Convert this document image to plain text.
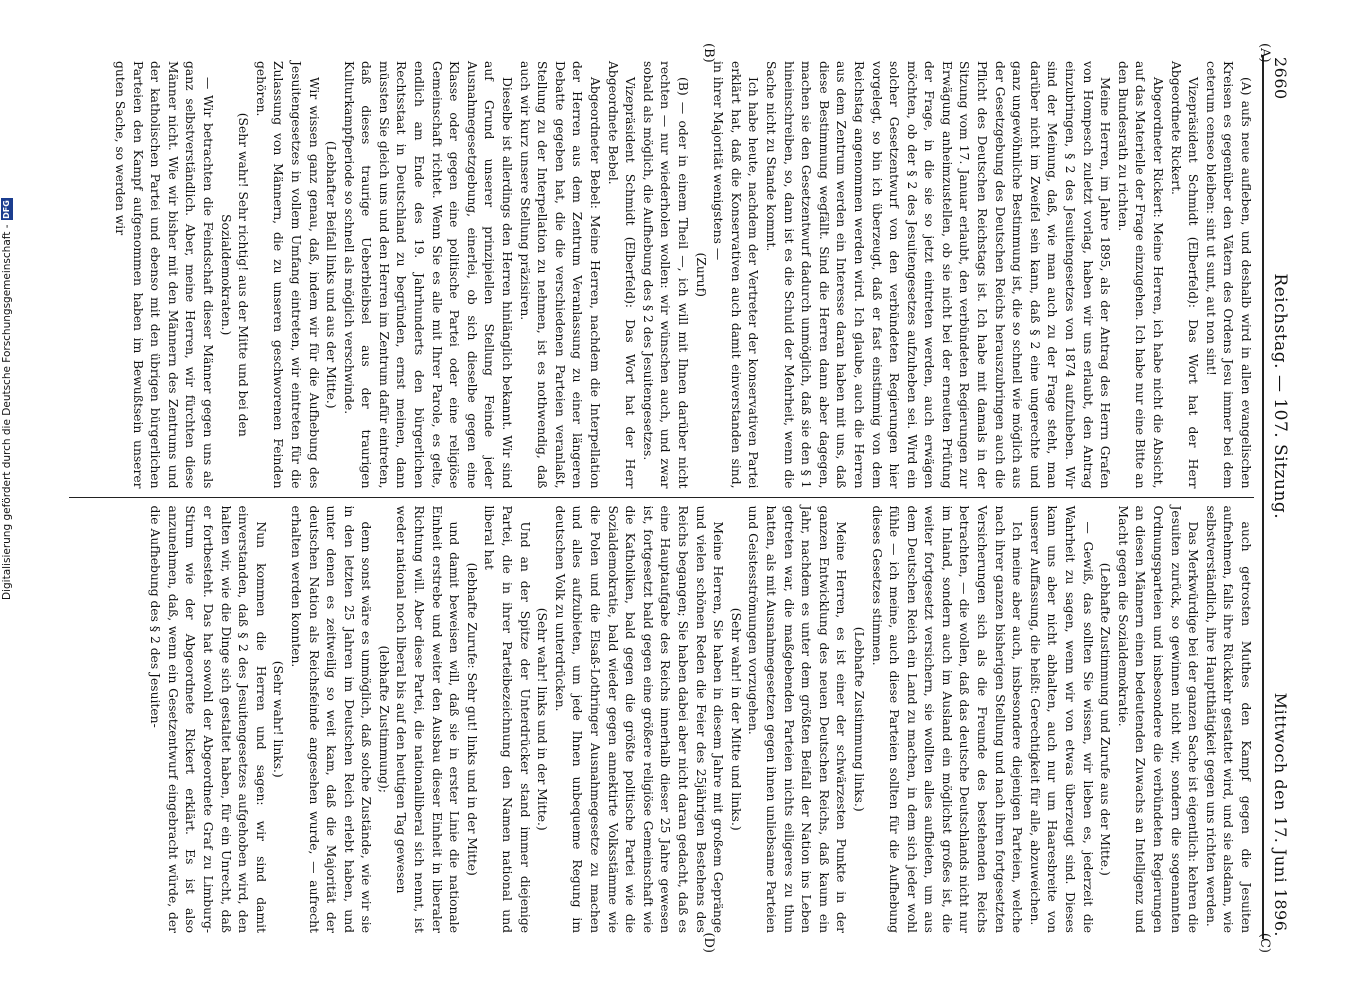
(A)
(B)
(C)
(D)
2660
Reichstag. — 107. Sitzung.
Mittwoch den 17. Juni 1896.

(A) aufs neue aufleben, und deshalb wird in allen evangelischen Kreisen es gegenüber den Vätern des Ordens Jesu immer bei dem ceterum censeo bleiben: sint ut sunt, aut non sint!

Vizepräsident Schmidt (Elberfeld): Das Wort hat der Herr Abgeordnete Rickert.

Abgeordneter Rickert: Meine Herren, ich habe nicht die Absicht, auf das Materielle der Frage einzugehen. Ich habe nur eine Bitte an den Bundesrath zu richten.

Meine Herren, im Jahre 1895, als der Antrag des Herrn Grafen von Hompesch zuletzt vorlag, haben wir uns erlaubt, den Antrag einzubringen, § 2 des Jesuitengesetzes von 1874 aufzuheben. Wir sind der Meinung, daß, wie man auch zu der Frage steht, man darüber nicht im Zweifel sein kann, daß § 2 eine ungerechte und ganz ungewöhnliche Bestimmung ist, die so schnell wie möglich aus der Gesetzgebung des Deutschen Reichs herauszubringen auch die Pflicht des Deutschen Reichstags ist. Ich habe mit damals in der Sitzung vom 17. Januar erlaubt, den verbündeten Regierungen zur Erwägung anheimzustellen, ob sie nicht bei der erneuten Prüfung der Frage, in die sie so jetzt eintreten werden, auch erwägen möchten, ob der § 2 des Jesuitengesetzes aufzuheben sei. Wird ein solcher Gesetzentwurf von den verbündeten Regierungen hier vorgelegt, so bin ich überzeugt, daß er fast einstimmig von dem Reichstag angenommen werden wird. Ich glaube, auch die Herren aus dem Zentrum werden ein Interesse daran haben mit uns, daß diese Bestimmung wegfällt. Sind die Herren dann aber dagegen, machen sie den Gesetzentwurf dadurch unmöglich, daß sie den § 1 hineinschreiben, so, dann ist es die Schuld der Mehrheit, wenn die Sache nicht zu Stande kommt.

Ich habe heute, nachdem der Vertreter der konservativen Partei erklärt hat, daß die Konservativen auch damit einverstanden sind, in ihrer Majorität wenigstens —

(Zuruf)

(B) — oder in einem Theil —, ich will mit Ihnen darüber nicht rechten — nur wiederholen wollen: wir wünschen auch, und zwar sobald als möglich, die Aufhebung des § 2 des Jesuitengesetzes.

Vizepräsident Schmidt (Elberfeld): Das Wort hat der Herr Abgeordnete Bebel.

Abgeordneter Bebel: Meine Herren, nachdem die Interpellation der Herren aus dem Zentrum Veranlassung zu einer längeren Debatte gegeben hat, die die verschiedenen Parteien veranlaßt, Stellung zu der Interpellation zu nehmen, ist es nothwendig, daß auch wir kurz unsere Stellung präzisiren.

Dieselbe ist allerdings den Herren hinlänglich bekannt. Wir sind auf Grund unserer prinzipiellen Stellung Feinde jeder Ausnahmegesetzgebung, einerlei, ob sich dieselbe gegen eine Klasse oder gegen eine politische Partei oder eine religiöse Gemeinschaft richtet. Wenn Sie es alle mit Ihrer Parole, es gelte, endlich am Ende des 19. Jahrhunderts den bürgerlichen Rechtsstaat in Deutschland zu begründen, ernst meinen, dann müssten Sie gleich uns und den Herren im Zentrum dafür eintreten, daß dieses traurige Ueberbleibsel aus der traurigen Kulturkampfperiode so schnell als möglich verschwinde.

(Lebhafter Beifall links und aus der Mitte.)

Wir wissen ganz genau, daß, indem wir für die Aufhebung des Jesuitengesetzes in vollem Umfang eintreten, wir eintreten für die Zulassung von Männern, die zu unseren geschworenen Feinden gehören.

(Sehr wahr! Sehr richtig! aus der Mitte und bei den Sozialdemokraten.)

— Wir betrachten die Feindschaft dieser Männer gegen uns als ganz selbstverständlich. Aber, meine Herren, wir fürchten diese Männer nicht. Wie wir bisher mit den Männern des Zentrums und der katholischen Partei und ebenso mit den übrigen bürgerlichen Parteien den Kampf aufgenommen haben im Bewußtsein unserer guten Sache, so werden wir

auch getrosten Muthes den Kampf gegen die Jesuiten aufnehmen, falls ihre Rückkehr gestattet wird, und sie alsdann, wie selbstverständlich, ihre Hauptthätigkeit gegen uns richten werden.

Das Merkwürdige bei der ganzen Sache ist eigentlich: kehren die Jesuiten zurück, so gewinnen nicht wir, sondern die sogenannten Ordnungsparteien und insbesondere die verbündeten Regierungen an diesen Männern einen bedeutenden Zuwachs an Intelligenz und Macht gegen die Sozialdemokratie.

(Lebhafte Zustimmung und Zurufe aus der Mitte.)

— Gewiß, das sollten Sie wissen, wir lieben es, jederzeit die Wahrheit zu sagen, wenn wir von etwas überzeugt sind. Dieses kann uns aber nicht abhalten, auch nur um Haaresbreite von unserer Auffassung, die heißt: Gerechtigkeit für alle, abzuweichen.

Ich meine aber auch, insbesondere diejenigen Parteien, welche nach ihrer ganzen bisherigen Stellung und nach ihren fortgesetzten Versicherungen sich als die Freunde des bestehenden Reichs betrachten, — die wollen, daß das deutsche Deutschlands nicht nur im Inland, sondern auch im Ausland ein möglichst großes ist, die weiter fortgesetzt versichern, sie wollten alles aufbieten, um aus dem Deutschen Reich ein Land zu machen, in dem sich jeder wohl fühle — ich meine, auch diese Parteien sollten für die Aufhebung dieses Gesetzes stimmen.

(Lebhafte Zustimmung links.)

Meine Herren, es ist einer der schwärzesten Punkte in der ganzen Entwicklung des neuen Deutschen Reichs, daß kaum ein Jahr, nachdem es unter dem größten Beifall der Nation ins Leben getreten war, die maßgebenden Parteien nichts eiligeres zu thun hatten, als mit Ausnahmegesetzen gegen ihnen unliebsame Parteien und Geistesströmungen vorzugehen.

(Sehr wahr! in der Mitte und links.)

Meine Herren, Sie haben in diesem Jahre mit großem Gepränge und vielen schönen Reden die Feier des 25jährigen Bestehens des Reichs begangen; Sie haben dabei aber nicht daran gedacht, daß es eine Hauptaufgabe des Reichs innerhalb dieser 25 Jahre gewesen ist, fortgesetzt bald gegen eine größere religiöse Gemeinschaft wie die Katholiken, bald gegen die größte politische Partei wie die Sozialdemokratie, bald wieder gegen annektirte Volksstämme wie die Polen und die Elsaß-Lothringer Ausnahmegesetze zu machen und alles aufzubieten, um jede Ihnen unbequeme Regung im deutschen Volk zu unterdrücken.

(Sehr wahr! links und in der Mitte.)

Und an der Spitze der Unterdrücker stand immer diejenige Partei, die in ihrer Parteibezeichnung den Namen national und liberal hat

(lebhafte Zurufe: Sehr gut! links und in der Mitte)

und damit beweisen will, daß sie in erster Linie die nationale Einheit erstrebe und weiter den Ausbau dieser Einheit in liberaler Richtung will. Aber diese Partei, die nationalliberal sich nennt, ist weder national noch liberal bis auf den heutigen Tag gewesen

(lebhafte Zustimmung);

denn sonst wäre es unmöglich, daß solche Zustände, wie wir sie in den letzten 25 Jahren im Deutschen Reich erlebt haben, und unter denen es zeitweilig so weit kam, daß die Majorität der deutschen Nation als Reichsfeinde angesehen wurde, — aufrecht erhalten werden konnten.

(Sehr wahr! links.)

Nun kommen die Herren und sagen: wir sind damit einverstanden, daß § 2 des Jesuitengesetzes aufgehoben wird, den halten wir, wie die Dinge sich gestaltet haben, für ein Unrecht, daß er fortbesteht. Das hat sowohl der Abgeordnete Graf zu Limburg-Stirum wie der Abgeordnete Rickert erklärt. Es ist also anzunehmen, daß, wenn ein Gesetzentwurf eingebracht würde, der die Aufhebung des § 2 des Jesuiten-

Digitalisierung gefördert durch die Deutsche Forschungsgemeinschaft -DFG
